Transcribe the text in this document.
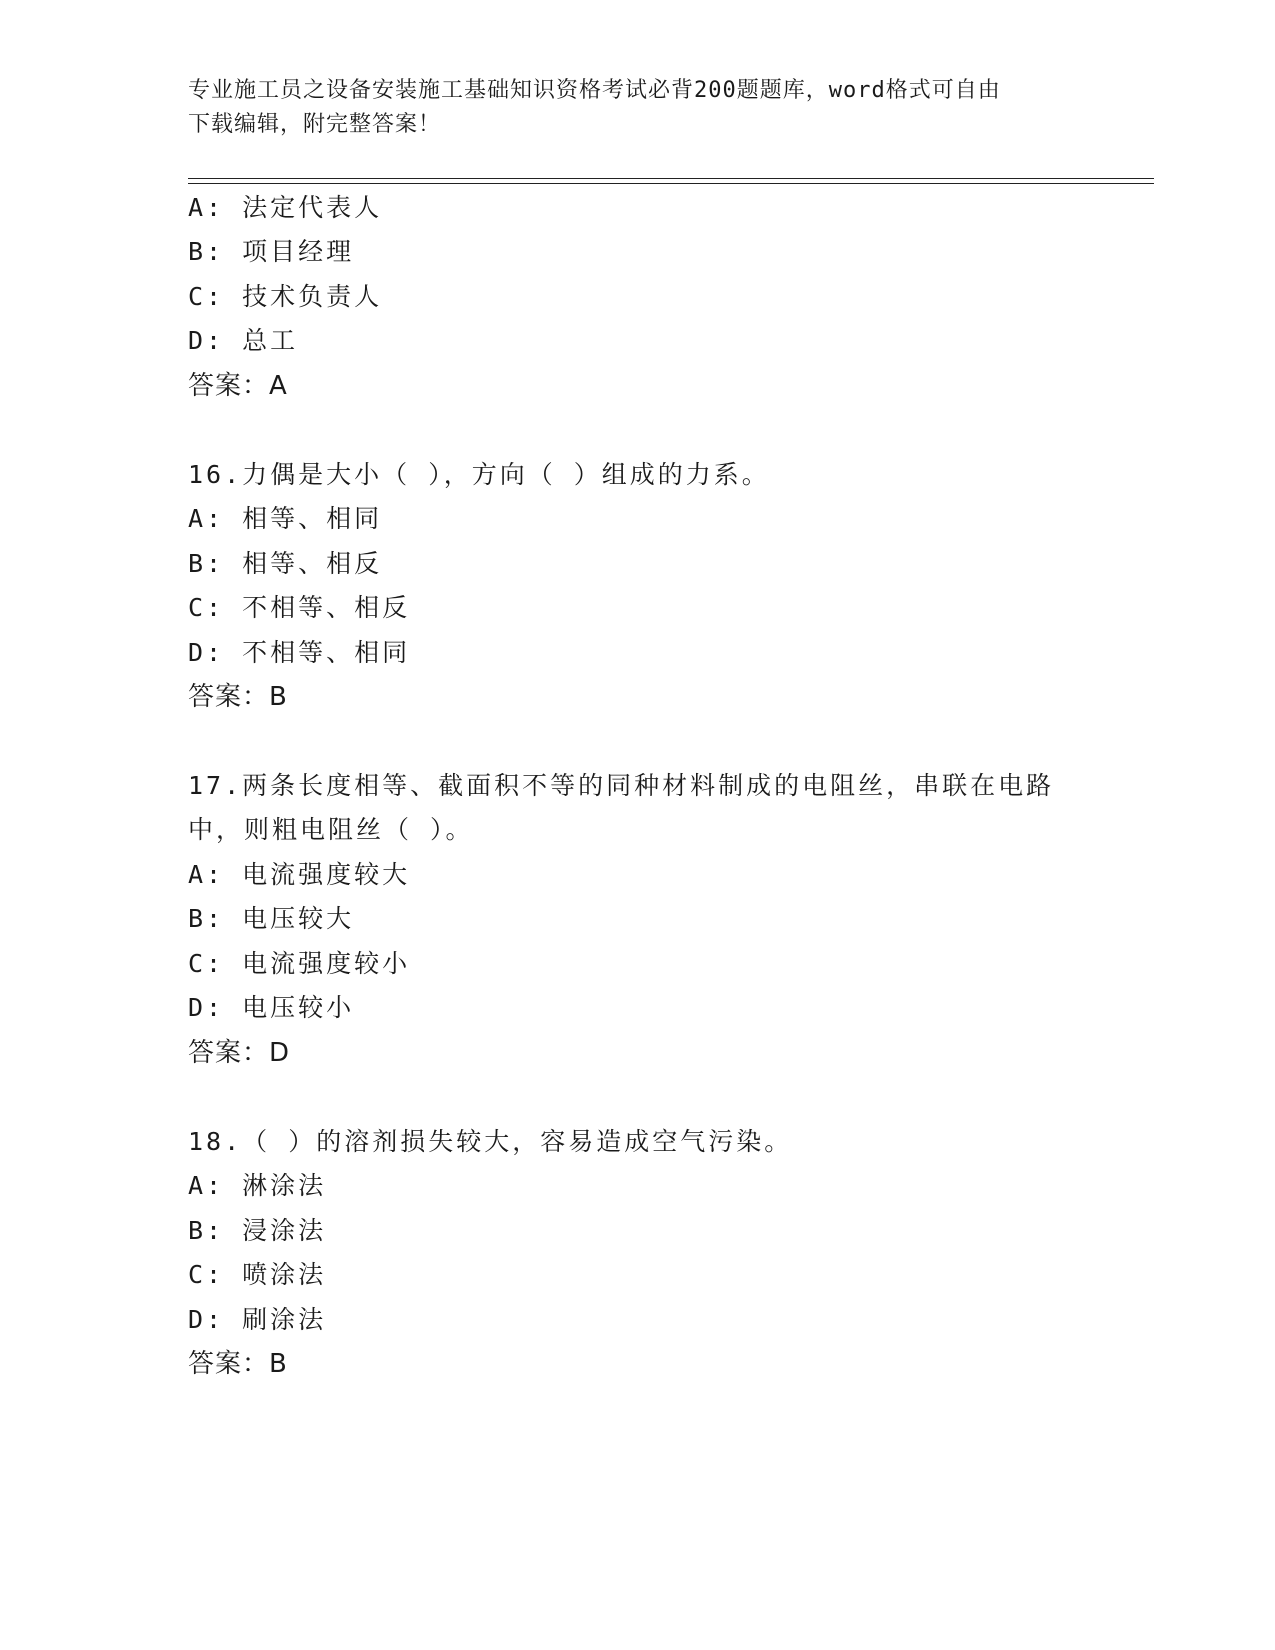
专业施工员之设备安装施工基础知识资格考试必背200题题库，word格式可自由
下载编辑，附完整答案！
A: 法定代表人
B: 项目经理
C: 技术负责人
D: 总工
答案：A
16.力偶是大小（ ），方向（ ）组成的力系。
A: 相等、相同
B: 相等、相反
C: 不相等、相反
D: 不相等、相同
答案：B
17.两条长度相等、截面积不等的同种材料制成的电阻丝，串联在电路
中，则粗电阻丝（ ）。
A: 电流强度较大
B: 电压较大
C: 电流强度较小
D: 电压较小
答案：D
18.（ ）的溶剂损失较大，容易造成空气污染。
A: 淋涂法
B: 浸涂法
C: 喷涂法
D: 刷涂法
答案：B
